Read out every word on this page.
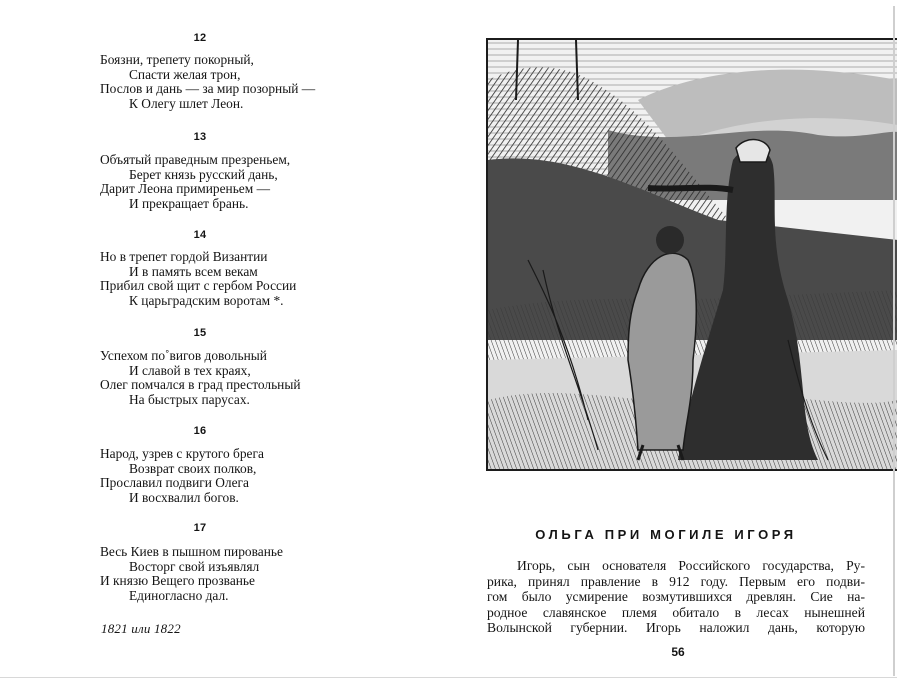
12
Боязни, трепету покорный,
Спасти желая трон,
Послов и дань — за мир позорный —
К Олегу шлет Леон.
13
Объятый праведным презреньем,
Берет князь русский дань,
Дарит Леона примиреньем —
И прекращает брань.
14
Но в трепет гордой Византии
И в память всем векам
Прибил свой щит с гербом России
К царьградским воротам *.
15
Успехом по˚вигов довольный
И славой в тех краях,
Олег помчался в град престольный
На быстрых парусах.
16
Народ, узрев с крутого брега
Возврат своих полков,
Прославил подвиги Олега
И восхвалил богов.
17
Весь Киев в пышном пированье
Восторг свой изъявлял
И князю Вещего прозванье
Единогласно дал.
1821 или 1822
ОЛЬГА ПРИ МОГИЛЕ ИГОРЯ
Игорь, сын основателя Российского государства, Ру-
рика, принял правление в 912 году. Первым его подви-
гом было усмирение возмутившихся древлян. Сие на-
родное славянское племя обитало в лесах нынешней
Волынской губернии. Игорь наложил дань, которую
56
